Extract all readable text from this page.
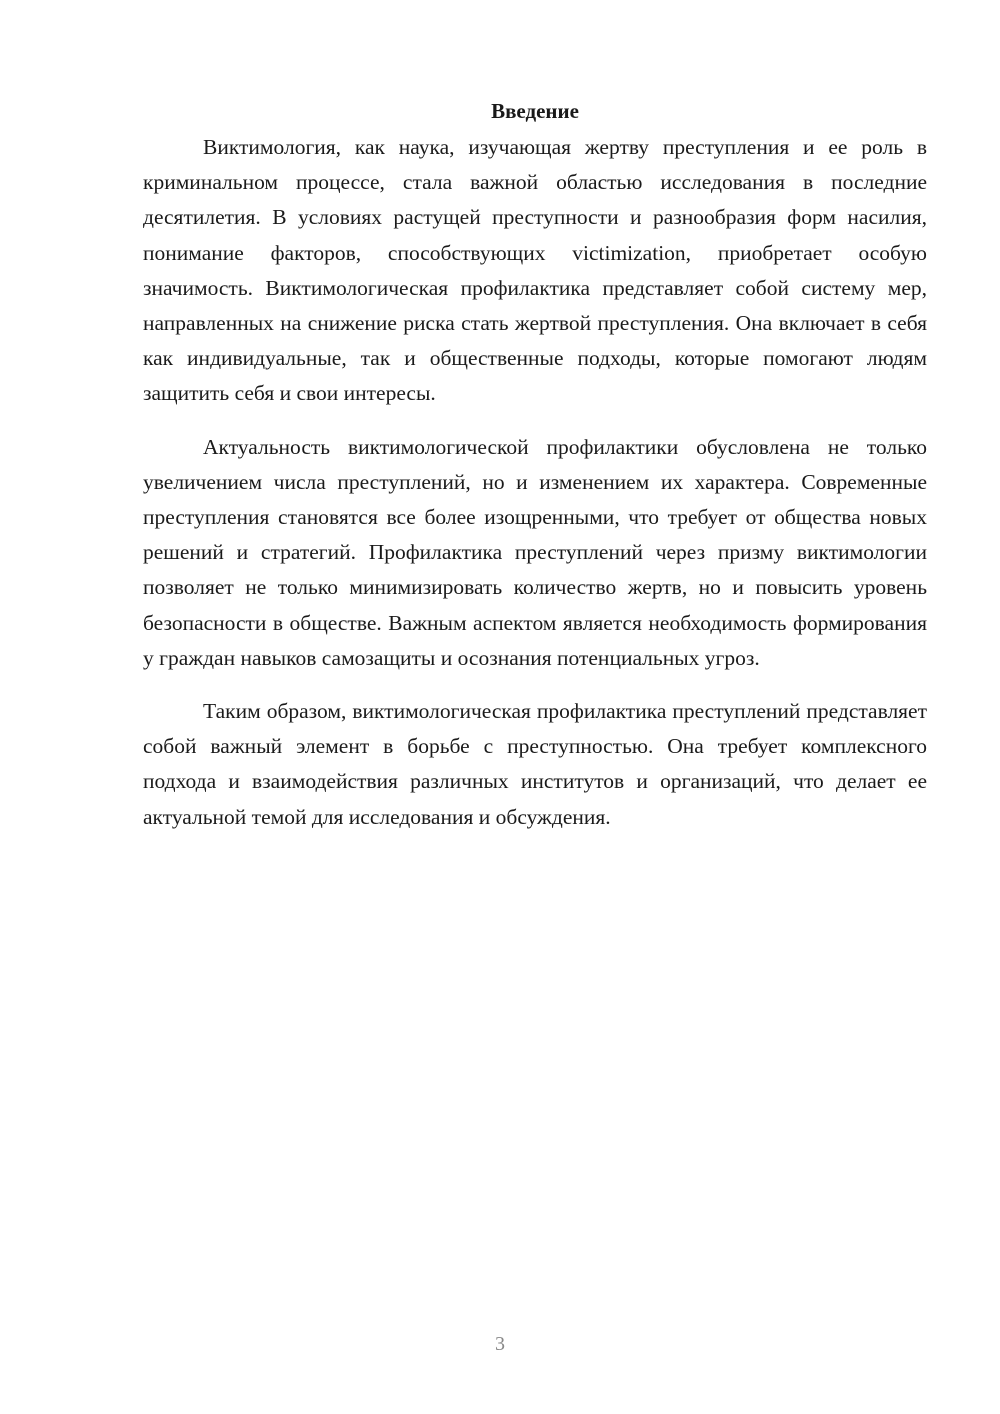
Введение

Виктимология, как наука, изучающая жертву преступления и ее роль в криминальном процессе, стала важной областью исследования в последние десятилетия. В условиях растущей преступности и разнообразия форм насилия, понимание факторов, способствующих victimization, приобретает особую значимость. Виктимологическая профилактика представляет собой систему мер, направленных на снижение риска стать жертвой преступления. Она включает в себя как индивидуальные, так и общественные подходы, которые помогают людям защитить себя и свои интересы.

Актуальность виктимологической профилактики обусловлена не только увеличением числа преступлений, но и изменением их характера. Современные преступления становятся все более изощренными, что требует от общества новых решений и стратегий. Профилактика преступлений через призму виктимологии позволяет не только минимизировать количество жертв, но и повысить уровень безопасности в обществе. Важным аспектом является необходимость формирования у граждан навыков самозащиты и осознания потенциальных угроз.

Таким образом, виктимологическая профилактика преступлений представляет собой важный элемент в борьбе с преступностью. Она требует комплексного подхода и взаимодействия различных институтов и организаций, что делает ее актуальной темой для исследования и обсуждения.

3
